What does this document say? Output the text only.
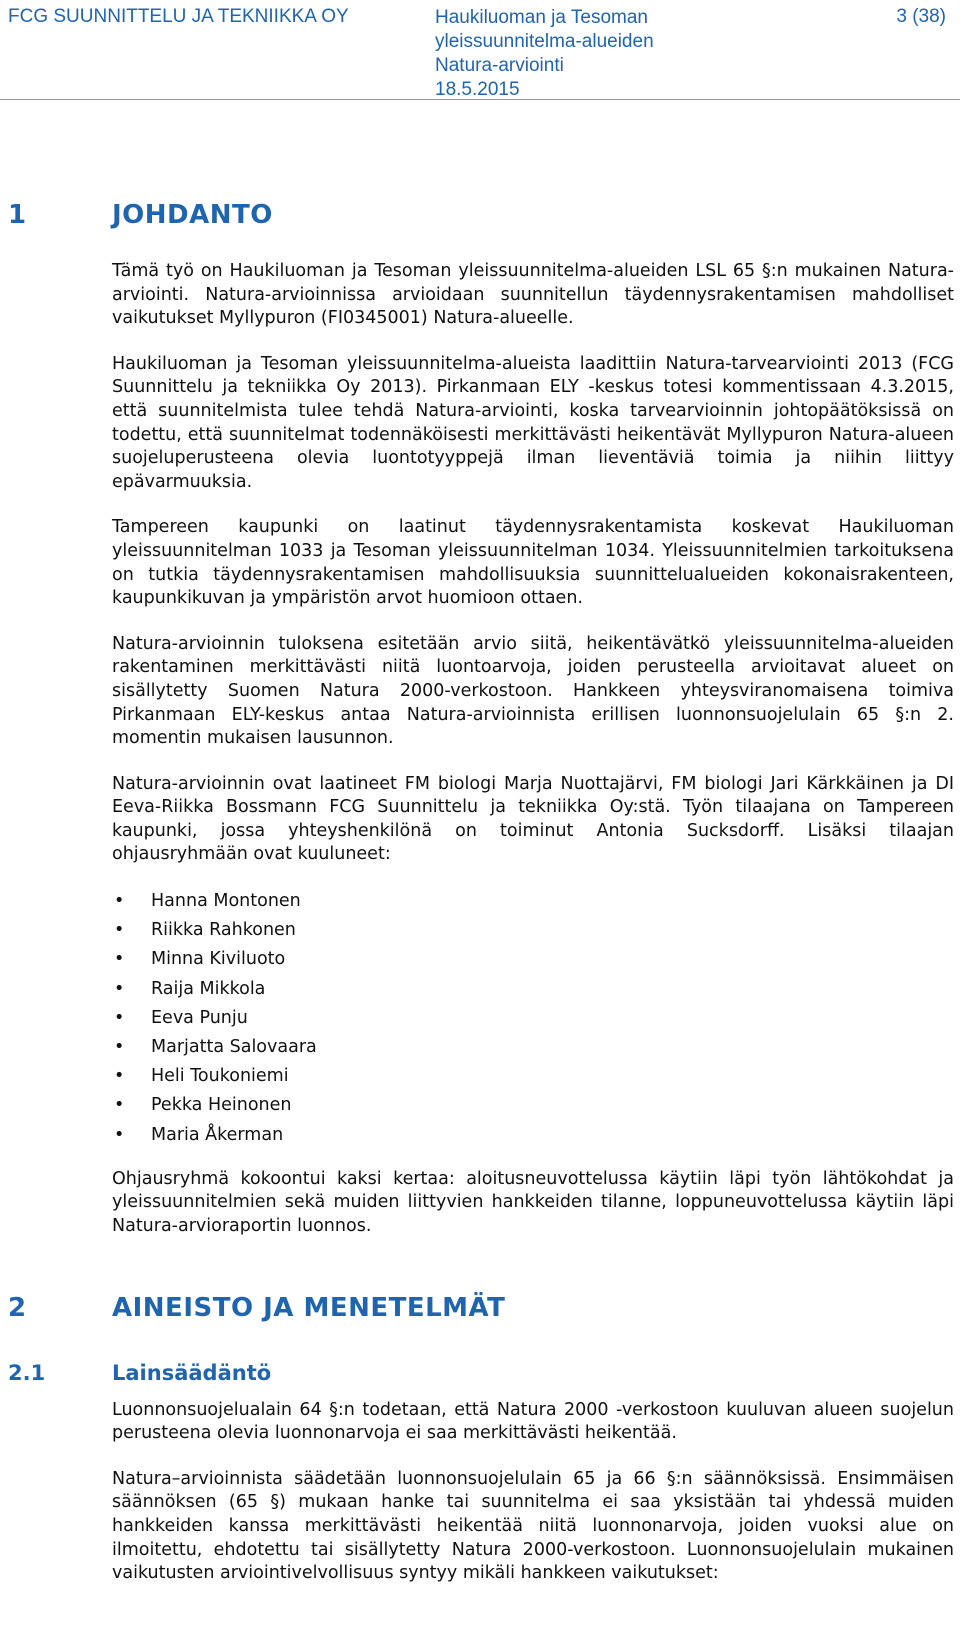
FCG SUUNNITTELU JA TEKNIIKKA OY	Haukiluoman ja Tesoman
yleissuunnitelma-alueiden
Natura-arviointi
18.5.2015
3 (38)
1	JOHDANTO

Tämä työ on Haukiluoman ja Tesoman yleissuunnitelma-alueiden LSL 65 §:n mukainen Natura-arviointi. Natura-arvioinnissa arvioidaan suunnitellun täydennysrakentamisen mahdolliset vaikutukset Myllypuron (FI0345001) Natura-alueelle.

Haukiluoman ja Tesoman yleissuunnitelma-alueista laadittiin Natura-tarvearviointi 2013 (FCG Suunnittelu ja tekniikka Oy 2013). Pirkanmaan ELY -keskus totesi kommentissaan 4.3.2015, että suunnitelmista tulee tehdä Natura-arviointi, koska tarvearvioinnin johtopäätöksissä on todettu, että suunnitelmat todennäköisesti merkittävästi heikentävät Myllypuron Natura-alueen suojeluperusteena olevia luontotyyppejä ilman lieventäviä toimia ja niihin liittyy epävarmuuksia.

Tampereen kaupunki on laatinut täydennysrakentamista koskevat Haukiluoman yleissuunnitelman 1033 ja Tesoman yleissuunnitelman 1034. Yleissuunnitelmien tarkoituksena on tutkia täydennysrakentamisen mahdollisuuksia suunnittelualueiden kokonaisrakenteen, kaupunkikuvan ja ympäristön arvot huomioon ottaen.

Natura-arvioinnin tuloksena esitetään arvio siitä, heikentävätkö yleissuunnitelma-alueiden rakentaminen merkittävästi niitä luontoarvoja, joiden perusteella arvioitavat alueet on sisällytetty Suomen Natura 2000-verkostoon. Hankkeen yhteysviranomaisena toimiva Pirkanmaan ELY-keskus antaa Natura-arvioinnista erillisen luonnonsuojelulain 65 §:n 2. momentin mukaisen lausunnon.

Natura-arvioinnin ovat laatineet FM biologi Marja Nuottajärvi, FM biologi Jari Kärkkäinen ja DI Eeva-Riikka Bossmann FCG Suunnittelu ja tekniikka Oy:stä. Työn tilaajana on Tampereen kaupunki, jossa yhteyshenkilönä on toiminut Antonia Sucksdorff. Lisäksi tilaajan ohjausryhmään ovat kuuluneet:

• Hanna Montonen
• Riikka Rahkonen
• Minna Kiviluoto
• Raija Mikkola
• Eeva Punju
• Marjatta Salovaara
• Heli Toukoniemi
• Pekka Heinonen
• Maria Åkerman

Ohjausryhmä kokoontui kaksi kertaa: aloitusneuvottelussa käytiin läpi työn lähtökohdat ja yleissuunnitelmien sekä muiden liittyvien hankkeiden tilanne, loppuneuvottelussa käytiin läpi Natura-arvioraportin luonnos.

2	AINEISTO JA MENETELMÄT
2.1	Lainsäädäntö

Luonnonsuojelualain 64 §:n todetaan, että Natura 2000 -verkostoon kuuluvan alueen suojelun perusteena olevia luonnonarvoja ei saa merkittävästi heikentää.

Natura–arvioinnista säädetään luonnonsuojelulain 65 ja 66 §:n säännöksissä. Ensimmäisen säännöksen (65 §) mukaan hanke tai suunnitelma ei saa yksistään tai yhdessä muiden hankkeiden kanssa merkittävästi heikentää niitä luonnonarvoja, joiden vuoksi alue on ilmoitettu, ehdotettu tai sisällytetty Natura 2000-verkostoon. Luonnonsuojelulain mukainen vaikutusten arviointivelvollisuus syntyy mikäli hankkeen vaikutukset:
